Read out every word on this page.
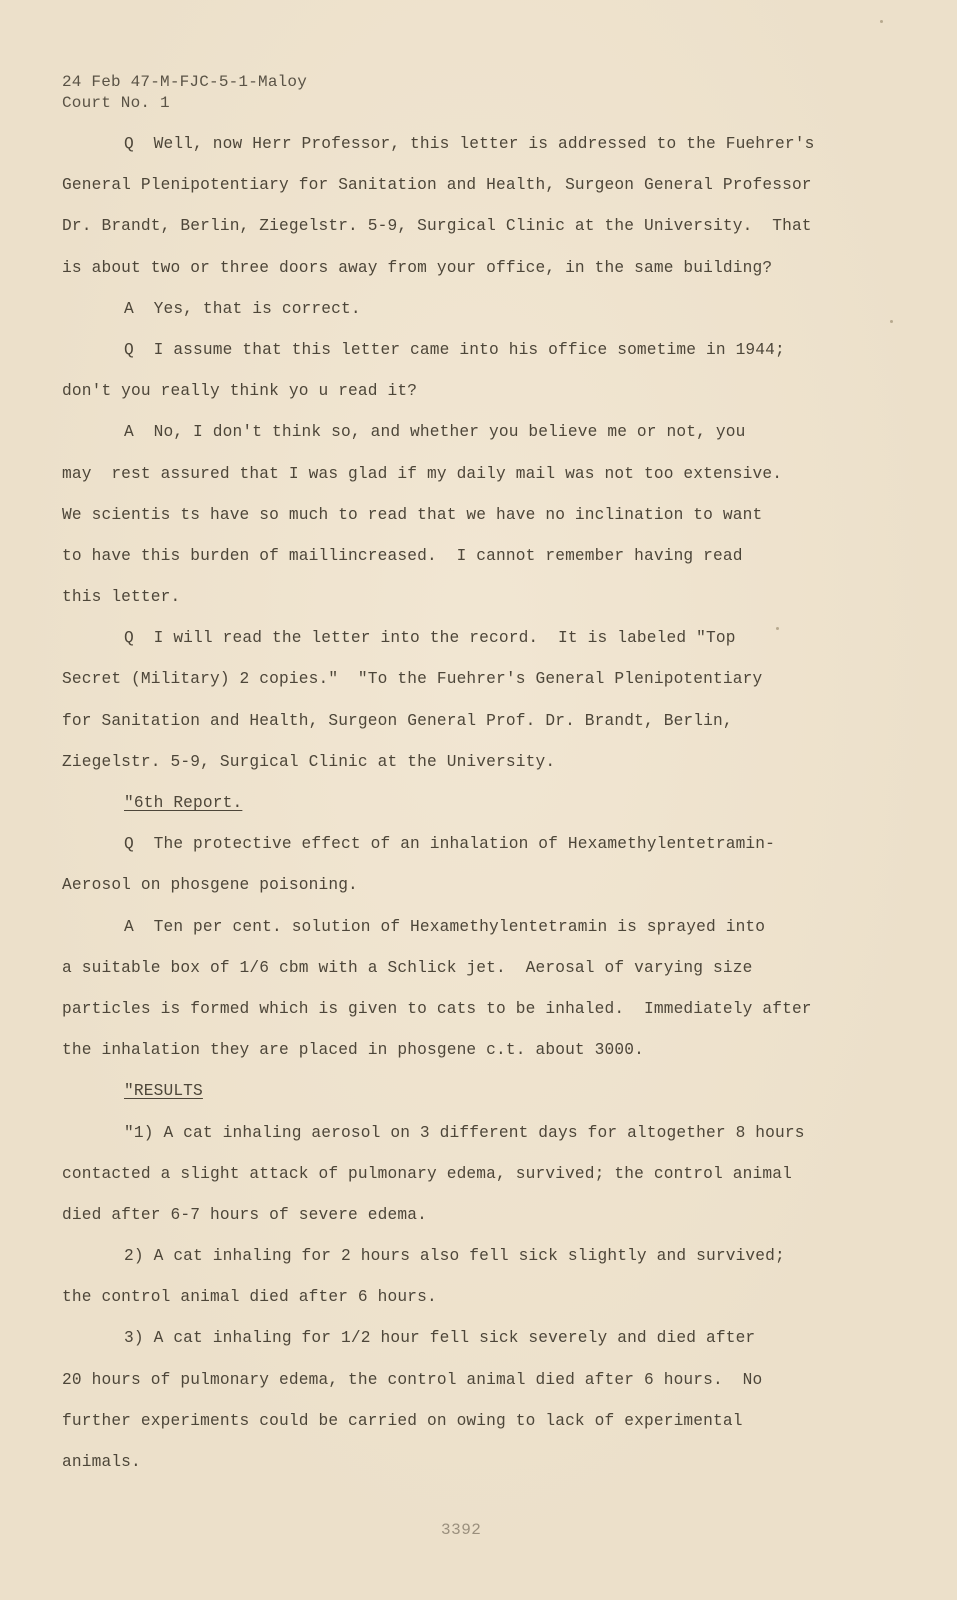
24 Feb 47-M-FJC-5-1-Maloy
Court No. 1
Q  Well, now Herr Professor, this letter is addressed to the Fuehrer's
General Plenipotentiary for Sanitation and Health, Surgeon General Professor
Dr. Brandt, Berlin, Ziegelstr. 5-9, Surgical Clinic at the University.  That
is about two or three doors away from your office, in the same building?
A  Yes, that is correct.
Q  I assume that this letter came into his office sometime in 1944;
don't you really think yo u read it?
A  No, I don't think so, and whether you believe me or not, you
may  rest assured that I was glad if my daily mail was not too extensive.
We scientis ts have so much to read that we have no inclination to want
to have this burden of maillincreased.  I cannot remember having read
this letter.
Q  I will read the letter into the record.  It is labeled "Top
Secret (Military) 2 copies."  "To the Fuehrer's General Plenipotentiary
for Sanitation and Health, Surgeon General Prof. Dr. Brandt, Berlin,
Ziegelstr. 5-9, Surgical Clinic at the University.
"6th Report.
Q  The protective effect of an inhalation of Hexamethylentetramin-
Aerosol on phosgene poisoning.
A  Ten per cent. solution of Hexamethylentetramin is sprayed into
a suitable box of 1/6 cbm with a Schlick jet.  Aerosal of varying size
particles is formed which is given to cats to be inhaled.  Immediately after
the inhalation they are placed in phosgene c.t. about 3000.
"RESULTS
"1) A cat inhaling aerosol on 3 different days for altogether 8 hours
contacted a slight attack of pulmonary edema, survived; the control animal
died after 6-7 hours of severe edema.
2) A cat inhaling for 2 hours also fell sick slightly and survived;
the control animal died after 6 hours.
3) A cat inhaling for 1/2 hour fell sick severely and died after
20 hours of pulmonary edema, the control animal died after 6 hours.  No
further experiments could be carried on owing to lack of experimental
animals.
3392
